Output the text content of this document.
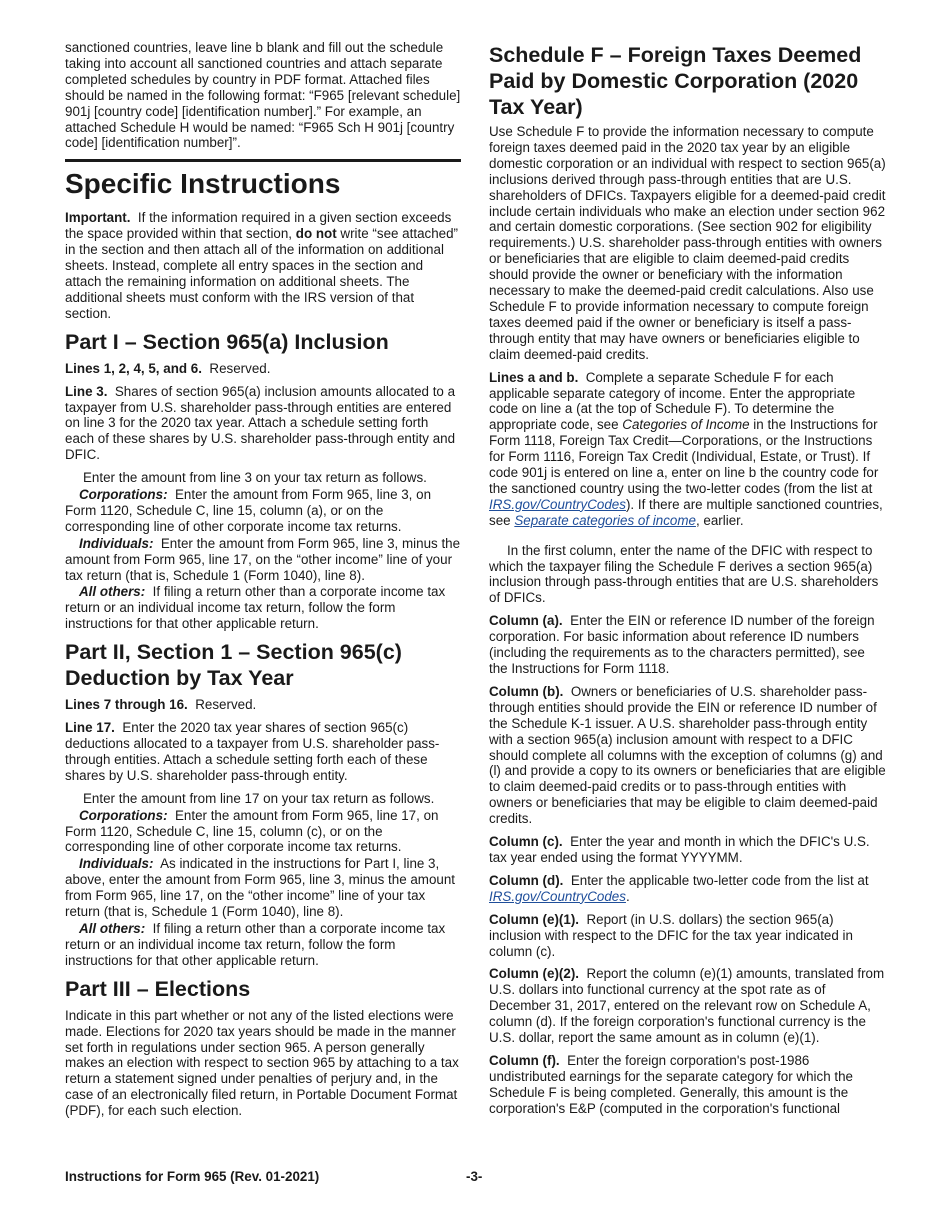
sanctioned countries, leave line b blank and fill out the schedule taking into account all sanctioned countries and attach separate completed schedules by country in PDF format. Attached files should be named in the following format: “F965 [relevant schedule] 901j [country code] [identification number].” For example, an attached Schedule H would be named: “F965 Sch H 901j [country code] [identification number]”.

Specific Instructions

Important. If the information required in a given section exceeds the space provided within that section, do not write “see attached” in the section and then attach all of the information on additional sheets. Instead, complete all entry spaces in the section and attach the remaining information on additional sheets. The additional sheets must conform with the IRS version of that section.

Part I – Section 965(a) Inclusion

Lines 1, 2, 4, 5, and 6. Reserved.

Line 3. Shares of section 965(a) inclusion amounts allocated to a taxpayer from U.S. shareholder pass-through entities are entered on line 3 for the 2020 tax year. Attach a schedule setting forth each of these shares by U.S. shareholder pass-through entity and DFIC.

Enter the amount from line 3 on your tax return as follows.

Corporations: Enter the amount from Form 965, line 3, on Form 1120, Schedule C, line 15, column (a), or on the corresponding line of other corporate income tax returns.

Individuals: Enter the amount from Form 965, line 3, minus the amount from Form 965, line 17, on the “other income” line of your tax return (that is, Schedule 1 (Form 1040), line 8).

All others: If filing a return other than a corporate income tax return or an individual income tax return, follow the form instructions for that other applicable return.

Part II, Section 1 – Section 965(c) Deduction by Tax Year

Lines 7 through 16. Reserved.

Line 17. Enter the 2020 tax year shares of section 965(c) deductions allocated to a taxpayer from U.S. shareholder pass-through entities. Attach a schedule setting forth each of these shares by U.S. shareholder pass-through entity.

Enter the amount from line 17 on your tax return as follows.

Corporations: Enter the amount from Form 965, line 17, on Form 1120, Schedule C, line 15, column (c), or on the corresponding line of other corporate income tax returns.

Individuals: As indicated in the instructions for Part I, line 3, above, enter the amount from Form 965, line 3, minus the amount from Form 965, line 17, on the “other income” line of your tax return (that is, Schedule 1 (Form 1040), line 8).

All others: If filing a return other than a corporate income tax return or an individual income tax return, follow the form instructions for that other applicable return.

Part III – Elections

Indicate in this part whether or not any of the listed elections were made. Elections for 2020 tax years should be made in the manner set forth in regulations under section 965. A person generally makes an election with respect to section 965 by attaching to a tax return a statement signed under penalties of perjury and, in the case of an electronically filed return, in Portable Document Format (PDF), for each such election.

Schedule F – Foreign Taxes Deemed Paid by Domestic Corporation (2020 Tax Year)

Use Schedule F to provide the information necessary to compute foreign taxes deemed paid in the 2020 tax year by an eligible domestic corporation or an individual with respect to section 965(a) inclusions derived through pass-through entities that are U.S. shareholders of DFICs. Taxpayers eligible for a deemed-paid credit include certain individuals who make an election under section 962 and certain domestic corporations. (See section 902 for eligibility requirements.) U.S. shareholder pass-through entities with owners or beneficiaries that are eligible to claim deemed-paid credits should provide the owner or beneficiary with the information necessary to make the deemed-paid credit calculations. Also use Schedule F to provide information necessary to compute foreign taxes deemed paid if the owner or beneficiary is itself a pass-through entity that may have owners or beneficiaries eligible to claim deemed-paid credits.

Lines a and b. Complete a separate Schedule F for each applicable separate category of income. Enter the appropriate code on line a (at the top of Schedule F). To determine the appropriate code, see Categories of Income in the Instructions for Form 1118, Foreign Tax Credit—Corporations, or the Instructions for Form 1116, Foreign Tax Credit (Individual, Estate, or Trust). If code 901j is entered on line a, enter on line b the country code for the sanctioned country using the two-letter codes (from the list at IRS.gov/CountryCodes). If there are multiple sanctioned countries, see Separate categories of income, earlier.

In the first column, enter the name of the DFIC with respect to which the taxpayer filing the Schedule F derives a section 965(a) inclusion through pass-through entities that are U.S. shareholders of DFICs.

Column (a). Enter the EIN or reference ID number of the foreign corporation. For basic information about reference ID numbers (including the requirements as to the characters permitted), see the Instructions for Form 1118.

Column (b). Owners or beneficiaries of U.S. shareholder pass-through entities should provide the EIN or reference ID number of the Schedule K-1 issuer. A U.S. shareholder pass-through entity with a section 965(a) inclusion amount with respect to a DFIC should complete all columns with the exception of columns (g) and (l) and provide a copy to its owners or beneficiaries that are eligible to claim deemed-paid credits or to pass-through entities with owners or beneficiaries that may be eligible to claim deemed-paid credits.

Column (c). Enter the year and month in which the DFIC's U.S. tax year ended using the format YYYYMM.

Column (d). Enter the applicable two-letter code from the list at IRS.gov/CountryCodes.

Column (e)(1). Report (in U.S. dollars) the section 965(a) inclusion with respect to the DFIC for the tax year indicated in column (c).

Column (e)(2). Report the column (e)(1) amounts, translated from U.S. dollars into functional currency at the spot rate as of December 31, 2017, entered on the relevant row on Schedule A, column (d). If the foreign corporation's functional currency is the U.S. dollar, report the same amount as in column (e)(1).

Column (f). Enter the foreign corporation's post-1986 undistributed earnings for the separate category for which the Schedule F is being completed. Generally, this amount is the corporation's E&P (computed in the corporation's functional

Instructions for Form 965 (Rev. 01-2021)	-3-
